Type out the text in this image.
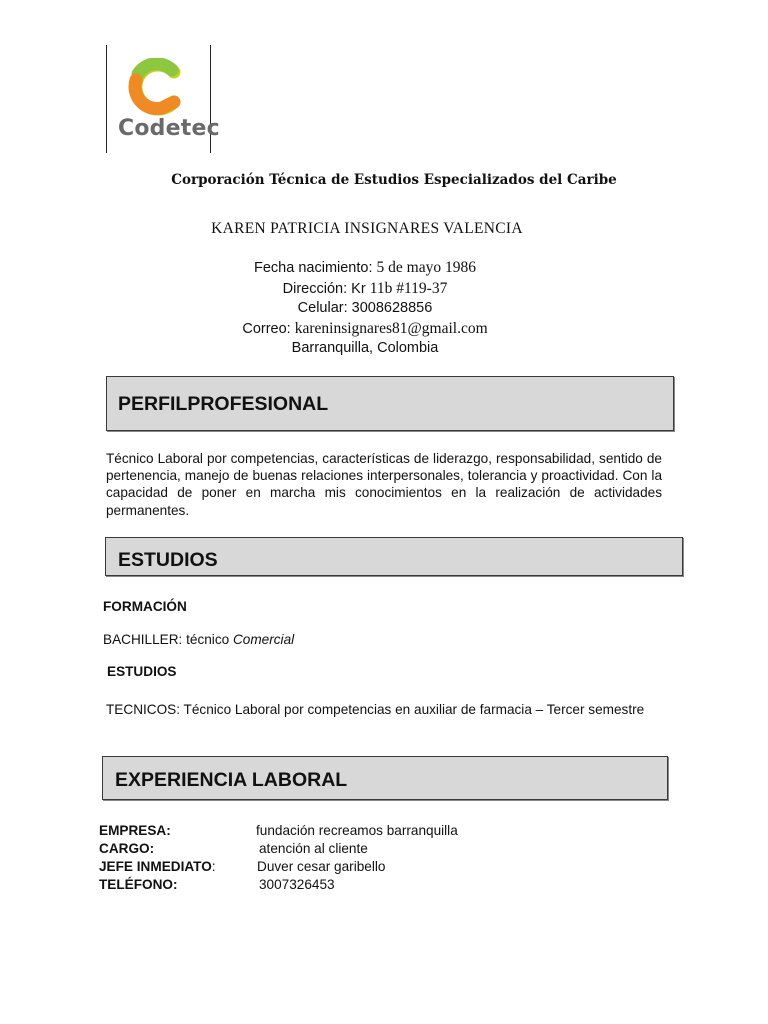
Codetec
Corporación Técnica de Estudios Especializados del Caribe
KAREN PATRICIA INSIGNARES VALENCIA
Fecha nacimiento: 5 de mayo 1986
Dirección: Kr 11b #119-37
Celular: 3008628856
Correo: kareninsignares81@gmail.com
Barranquilla, Colombia
PERFILPROFESIONAL
Técnico Laboral por competencias, características de liderazgo, responsabilidad, sentido de pertenencia, manejo de buenas relaciones interpersonales, tolerancia y proactividad. Con la capacidad de poner en marcha mis conocimientos en la realización de actividades permanentes.
ESTUDIOS
FORMACIÓN
BACHILLER: técnico Comercial
ESTUDIOS
TECNICOS: Técnico Laboral por competencias en auxiliar de farmacia – Tercer semestre
EXPERIENCIA LABORAL
EMPRESA:	fundación recreamos barranquilla
CARGO:	atención al cliente
JEFE INMEDIATO:	Duver cesar garibello
TELÉFONO:	3007326453
